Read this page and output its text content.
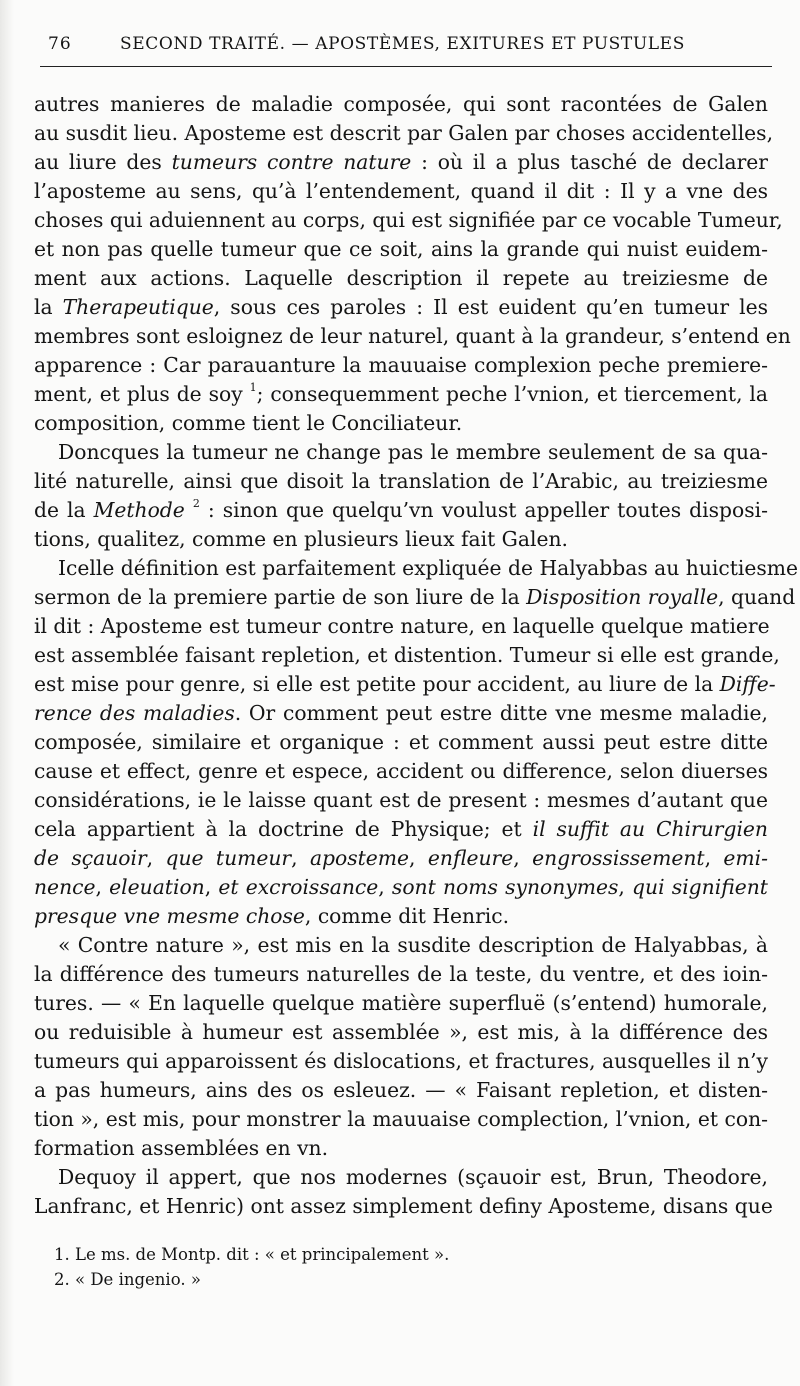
76	SECOND TRAITÉ. — APOSTÈMES, EXITURES ET PUSTULES
autres manieres de maladie composée, qui sont racontées de Galen
au susdit lieu. Aposteme est descrit par Galen par choses accidentelles,
au liure des tumeurs contre nature : où il a plus tasché de declarer
l’aposteme au sens, qu’à l’entendement, quand il dit : Il y a vne des
choses qui aduiennent au corps, qui est signifiée par ce vocable Tumeur,
et non pas quelle tumeur que ce soit, ains la grande qui nuist euidem-
ment aux actions. Laquelle description il repete au treiziesme de
la Therapeutique, sous ces paroles : Il est euident qu’en tumeur les
membres sont esloignez de leur naturel, quant à la grandeur, s’entend en
apparence : Car parauanture la mauuaise complexion peche premiere-
ment, et plus de soy $^1$; consequemment peche l’vnion, et tiercement, la
composition, comme tient le Conciliateur.
Doncques la tumeur ne change pas le membre seulement de sa qua-
lité naturelle, ainsi que disoit la translation de l’Arabic, au treiziesme
de la Methode $^2$ : sinon que quelqu’vn voulust appeller toutes disposi-
tions, qualitez, comme en plusieurs lieux fait Galen.
Icelle définition est parfaitement expliquée de Halyabbas au huictiesme
sermon de la premiere partie de son liure de la Disposition royalle, quand
il dit : Aposteme est tumeur contre nature, en laquelle quelque matiere
est assemblée faisant repletion, et distention. Tumeur si elle est grande,
est mise pour genre, si elle est petite pour accident, au liure de la Diffe-
rence des maladies. Or comment peut estre ditte vne mesme maladie,
composée, similaire et organique : et comment aussi peut estre ditte
cause et effect, genre et espece, accident ou difference, selon diuerses
considérations, ie le laisse quant est de present : mesmes d’autant que
cela appartient à la doctrine de Physique; et il suffit au Chirurgien
de sçauoir, que tumeur, aposteme, enfleure, engrossissement, emi-
nence, eleuation, et excroissance, sont noms synonymes, qui signifient
presque vne mesme chose, comme dit Henric.
« Contre nature », est mis en la susdite description de Halyabbas, à
la différence des tumeurs naturelles de la teste, du ventre, et des ioin-
tures. — « En laquelle quelque matière superfluë (s’entend) humorale,
ou reduisible à humeur est assemblée », est mis, à la différence des
tumeurs qui apparoissent és dislocations, et fractures, ausquelles il n’y
a pas humeurs, ains des os esleuez. — « Faisant repletion, et disten-
tion », est mis, pour monstrer la mauuaise complection, l’vnion, et con-
formation assemblées en vn.
Dequoy il appert, que nos modernes (sçauoir est, Brun, Theodore,
Lanfranc, et Henric) ont assez simplement definy Aposteme, disans que
1. Le ms. de Montp. dit : « et principalement ».
2. « De ingenio. »
